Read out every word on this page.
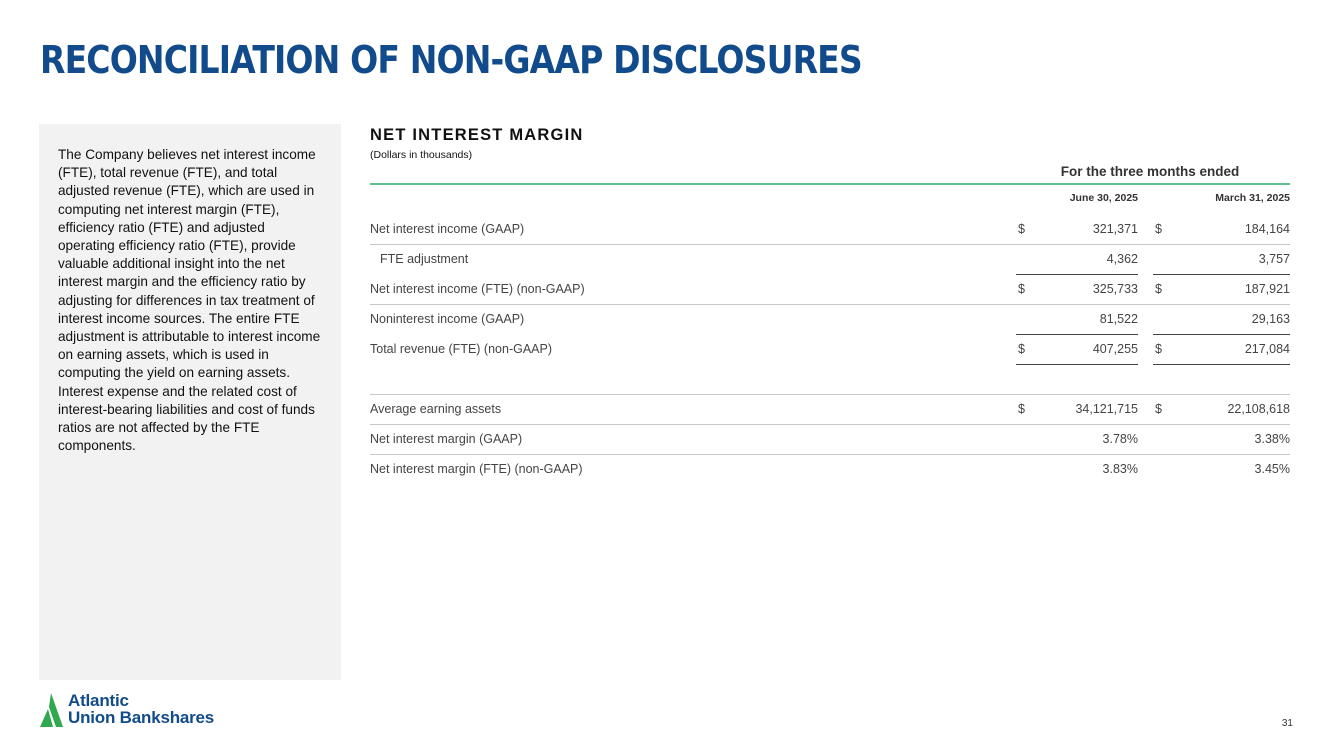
RECONCILIATION OF NON-GAAP DISCLOSURES

The Company believes net interest income (FTE), total revenue (FTE), and total adjusted revenue (FTE), which are used in computing net interest margin (FTE), efficiency ratio (FTE) and adjusted operating efficiency ratio (FTE), provide valuable additional insight into the net interest margin and the efficiency ratio by adjusting for differences in tax treatment of interest income sources. The entire FTE adjustment is attributable to interest income on earning assets, which is used in computing the yield on earning assets. Interest expense and the related cost of interest-bearing liabilities and cost of funds ratios are not affected by the FTE components.

NET INTEREST MARGIN
(Dollars in thousands)
For the three months ended
June 30, 2025	March 31, 2025
Net interest income (GAAP)	$	321,371 $	184,164
FTE adjustment	4,362	3,757
Net interest income (FTE) (non-GAAP)	$	325,733 $	187,921
Noninterest income (GAAP)	81,522	29,163
Total revenue (FTE) (non-GAAP)	$	407,255 $	217,084
Average earning assets	$	34,121,715 $	22,108,618
Net interest margin (GAAP)	3.78%	3.38%
Net interest margin (FTE) (non-GAAP)	3.83%	3.45%
Atlantic
Union Bankshares	31
